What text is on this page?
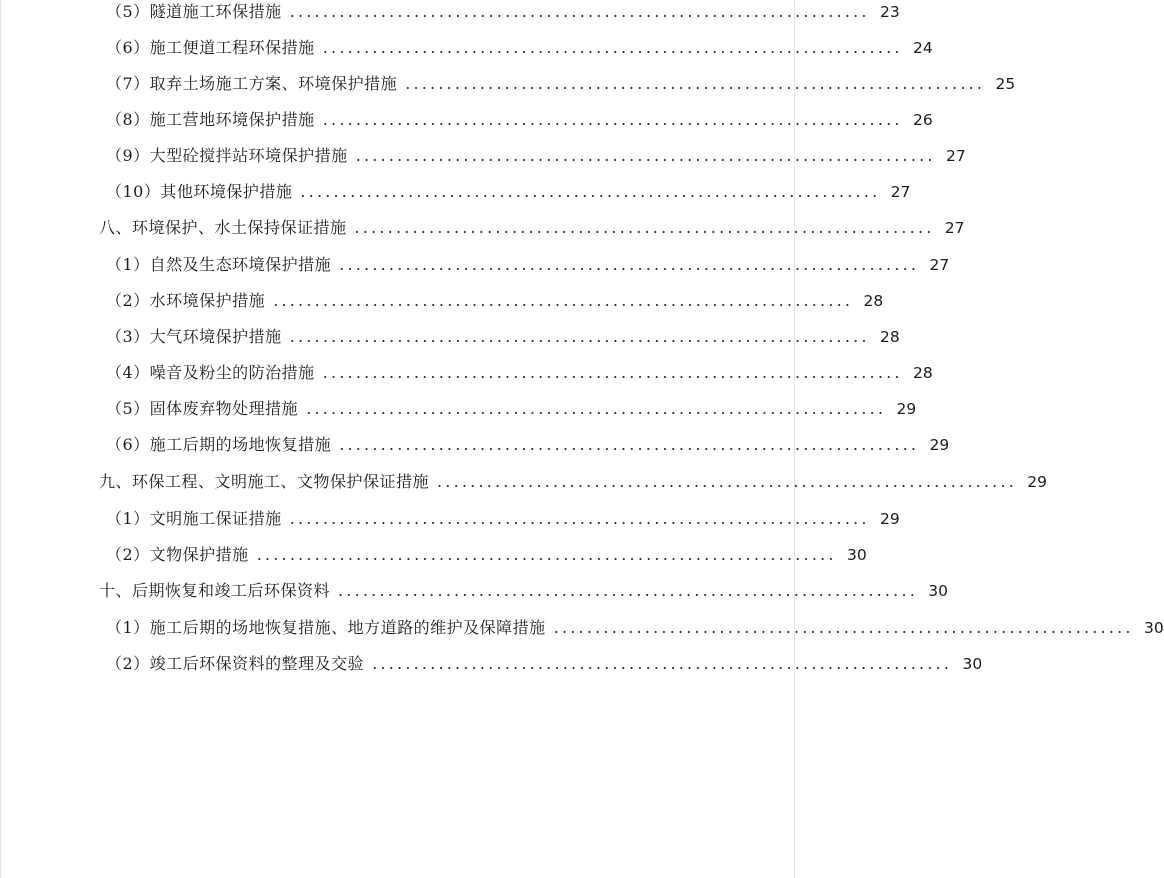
（5）隧道施工环保措施 ...................................................................... 23
（6）施工便道工程环保措施 ...................................................................... 24
（7）取弃土场施工方案、环境保护措施 ...................................................................... 25
（8）施工营地环境保护措施 ...................................................................... 26
（9）大型砼搅拌站环境保护措施 ...................................................................... 27
（10）其他环境保护措施 ...................................................................... 27
八、环境保护、水土保持保证措施 ...................................................................... 27
（1）自然及生态环境保护措施 ...................................................................... 27
（2）水环境保护措施 ...................................................................... 28
（3）大气环境保护措施 ...................................................................... 28
（4）噪音及粉尘的防治措施 ...................................................................... 28
（5）固体废弃物处理措施 ...................................................................... 29
（6）施工后期的场地恢复措施 ...................................................................... 29
九、环保工程、文明施工、文物保护保证措施 ...................................................................... 29
（1）文明施工保证措施 ...................................................................... 29
（2）文物保护措施 ...................................................................... 30
十、后期恢复和竣工后环保资料 ...................................................................... 30
（1）施工后期的场地恢复措施、地方道路的维护及保障措施 ...................................................................... 30
（2）竣工后环保资料的整理及交验 ...................................................................... 30
